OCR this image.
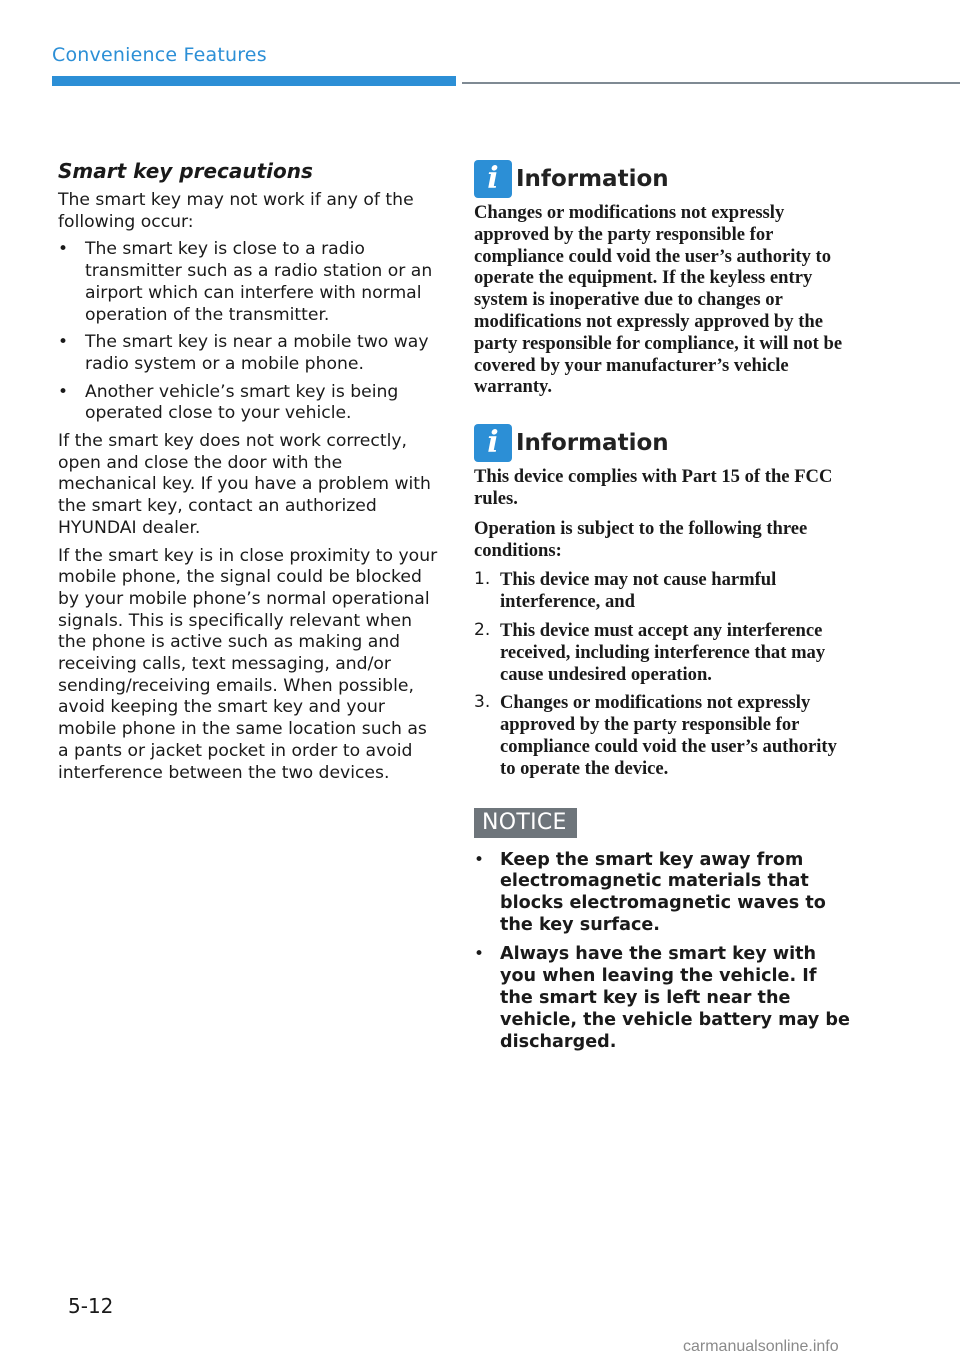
Convenience Features
Smart key precautions

The smart key may not work if any of the following occur:

• The smart key is close to a radio transmitter such as a radio station or an airport which can interfere with normal operation of the transmitter.
• The smart key is near a mobile two way radio system or a mobile phone.
• Another vehicle’s smart key is being operated close to your vehicle.

If the smart key does not work correctly, open and close the door with the mechanical key. If you have a problem with the smart key, contact an authorized HYUNDAI dealer.

If the smart key is in close proximity to your mobile phone, the signal could be blocked by your mobile phone’s normal operational signals. This is specifically relevant when the phone is active such as making and receiving calls, text messaging, and/or sending/receiving emails. When possible, avoid keeping the smart key and your mobile phone in the same location such as a pants or jacket pocket in order to avoid interference between the two devices.

i Information

Changes or modifications not expressly approved by the party responsible for compliance could void the user’s authority to operate the equipment. If the keyless entry system is inoperative due to changes or modifications not expressly approved by the party responsible for compliance, it will not be covered by your manufacturer’s vehicle warranty.

i Information

This device complies with Part 15 of the FCC rules.

Operation is subject to the following three conditions:

1. This device may not cause harmful interference, and
2. This device must accept any interference received, including interference that may cause undesired operation.
3. Changes or modifications not expressly approved by the party responsible for compliance could void the user’s authority to operate the device.
NOTICE
• Keep the smart key away from electromagnetic materials that blocks electromagnetic waves to the key surface.
• Always have the smart key with you when leaving the vehicle. If the smart key is left near the vehicle, the vehicle battery may be discharged.
5-12
carmanualsonline.info
